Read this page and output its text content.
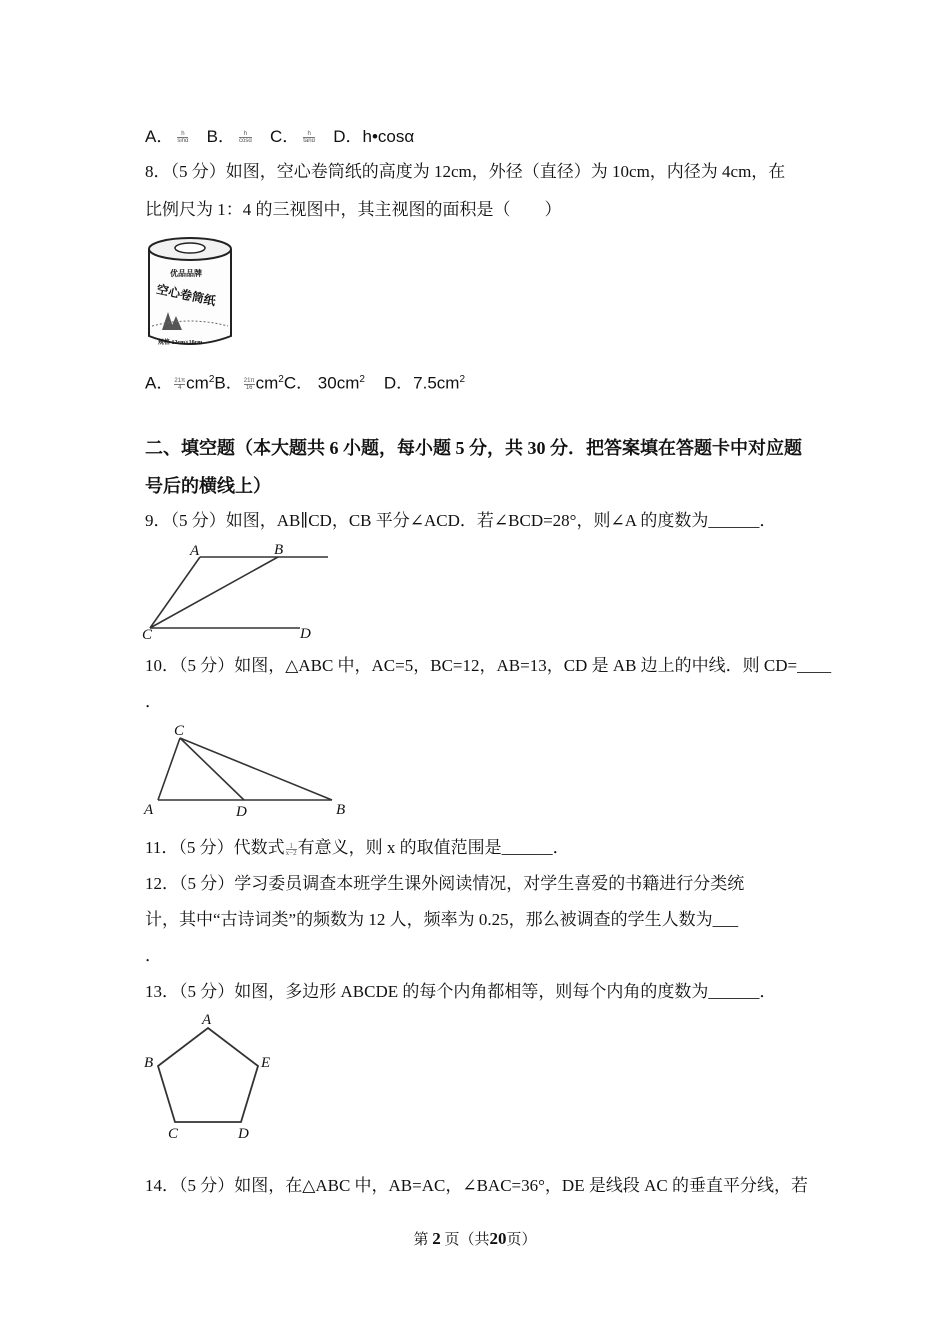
A． $\frac{h}{\sin\alpha}$ B． $\frac{h}{\cos\alpha}$ C． $\frac{h}{\tan\alpha}$ D．h•cosα
8．（5 分）如图，空心卷筒纸的高度为 12cm，外径（直径）为 10cm，内径为 4cm，在
比例尺为 1：4 的三视图中，其主视图的面积是（　　）
优品品牌
空心卷筒纸
规格 12cm×10cm
A． $\frac{21\pi}{4} cm^2B$． $\frac{21\pi}{16} cm^2C$． $30cm^2$ D．$7.5cm^2$
二、填空题（本大题共 6 小题，每小题 5 分，共 30 分．把答案填在答题卡中对应题
号后的横线上）
9．（5 分）如图，AB∥CD，CB 平分∠ACD．若∠BCD=28°，则∠A 的度数为______．
A	B
C	D
10．（5 分）如图，△ABC 中，AC=5，BC=12，AB=13，CD 是 AB 边上的中线．则 CD=____
．
C
A	D	B
11．（5 分）代数式 $\frac{1}{x-2}$ 有意义，则 x 的取值范围是______．
12．（5 分）学习委员调查本班学生课外阅读情况，对学生喜爱的书籍进行分类统
计，其中“古诗词类”的频数为 12 人，频率为 0.25，那么被调查的学生人数为___
．
13．（5 分）如图，多边形 ABCDE 的每个内角都相等，则每个内角的度数为______．
A
B	E
C	D
14．（5 分）如图，在△ABC 中，AB=AC，∠BAC=36°，DE 是线段 AC 的垂直平分线，若
第 2 页（共20页）
